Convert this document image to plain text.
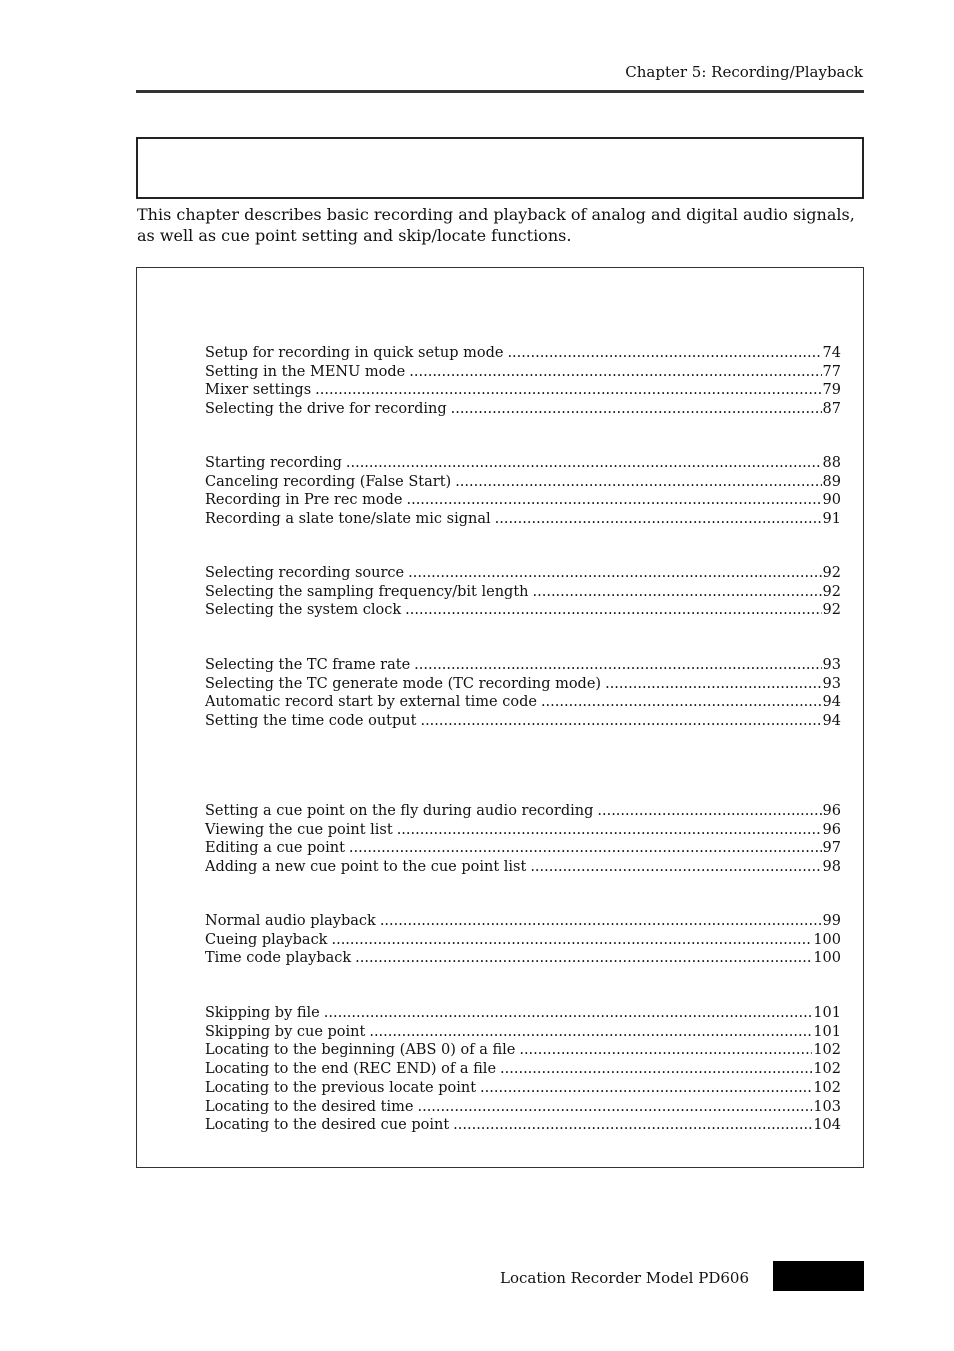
Chapter 5: Recording/Playback

This chapter describes basic recording and playback of analog and digital audio signals, as well as cue point setting and skip/locate functions.

Setup for recording in quick setup mode .....	74
Setting in the MENU mode .....	77
Mixer settings .....	79
Selecting the drive for recording .....	87
Starting recording .....	88
Canceling recording (False Start) .....	89
Recording in Pre rec mode .....	90
Recording a slate tone/slate mic signal .....	91
Selecting recording source .....	92
Selecting the sampling frequency/bit length .....	92
Selecting the system clock .....	92
Selecting the TC frame rate .....	93
Selecting the TC generate mode (TC recording mode) .....	93
Automatic record start by external time code .....	94
Setting the time code output .....	94
Setting a cue point on the fly during audio recording .....	96
Viewing the cue point list .....	96
Editing a cue point .....	97
Adding a new cue point to the cue point list .....	98
Normal audio playback .....	99
Cueing playback .....	100
Time code playback .....	100
Skipping by file .....	101
Skipping by cue point .....	101
Locating to the beginning (ABS 0) of a file .....	102
Locating to the end (REC END) of a file .....	102
Locating to the previous locate point .....	102
Locating to the desired time .....	103
Locating to the desired cue point .....	104
Location Recorder Model PD606
